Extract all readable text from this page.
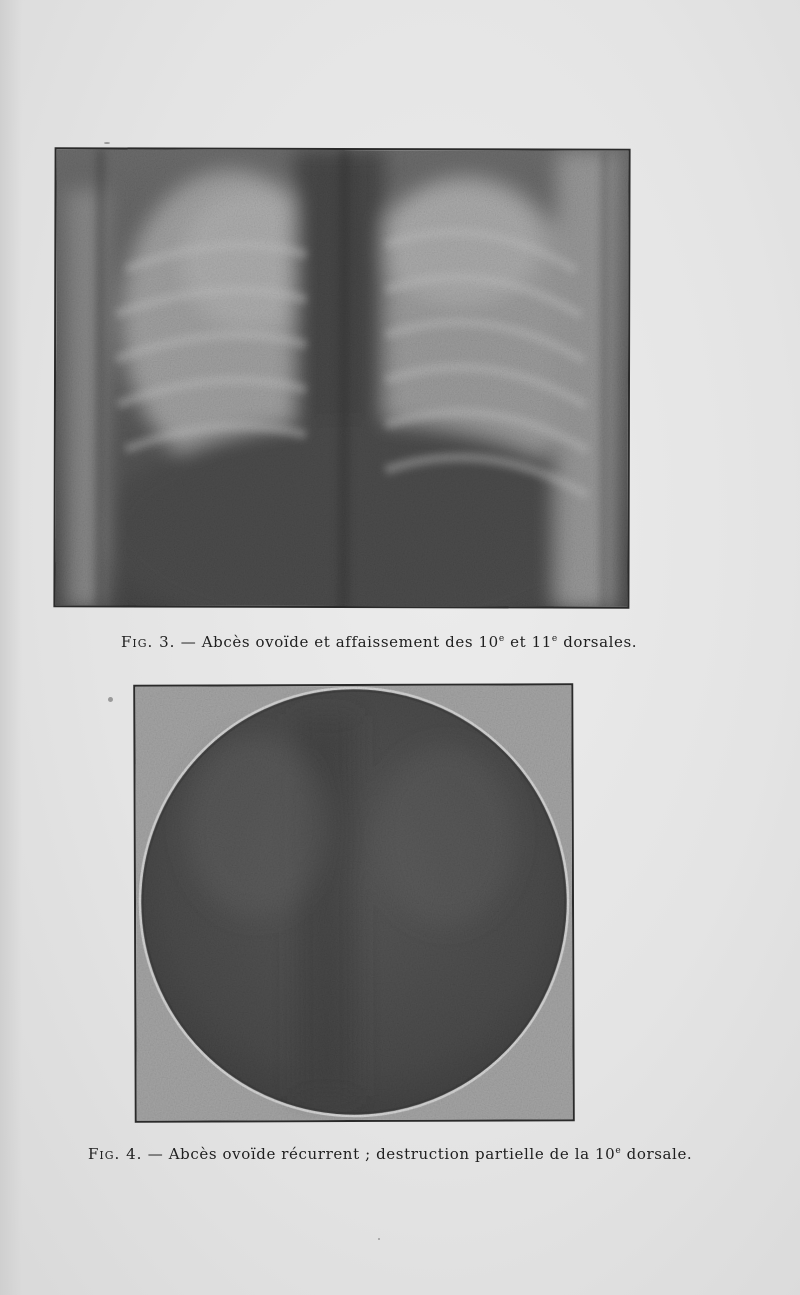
Fig. 3. — Abcès ovoïde et affaissement des 10e et 11e dorsales.
Fig. 4. — Abcès ovoïde récurrent ; destruction partielle de la 10e dorsale.
